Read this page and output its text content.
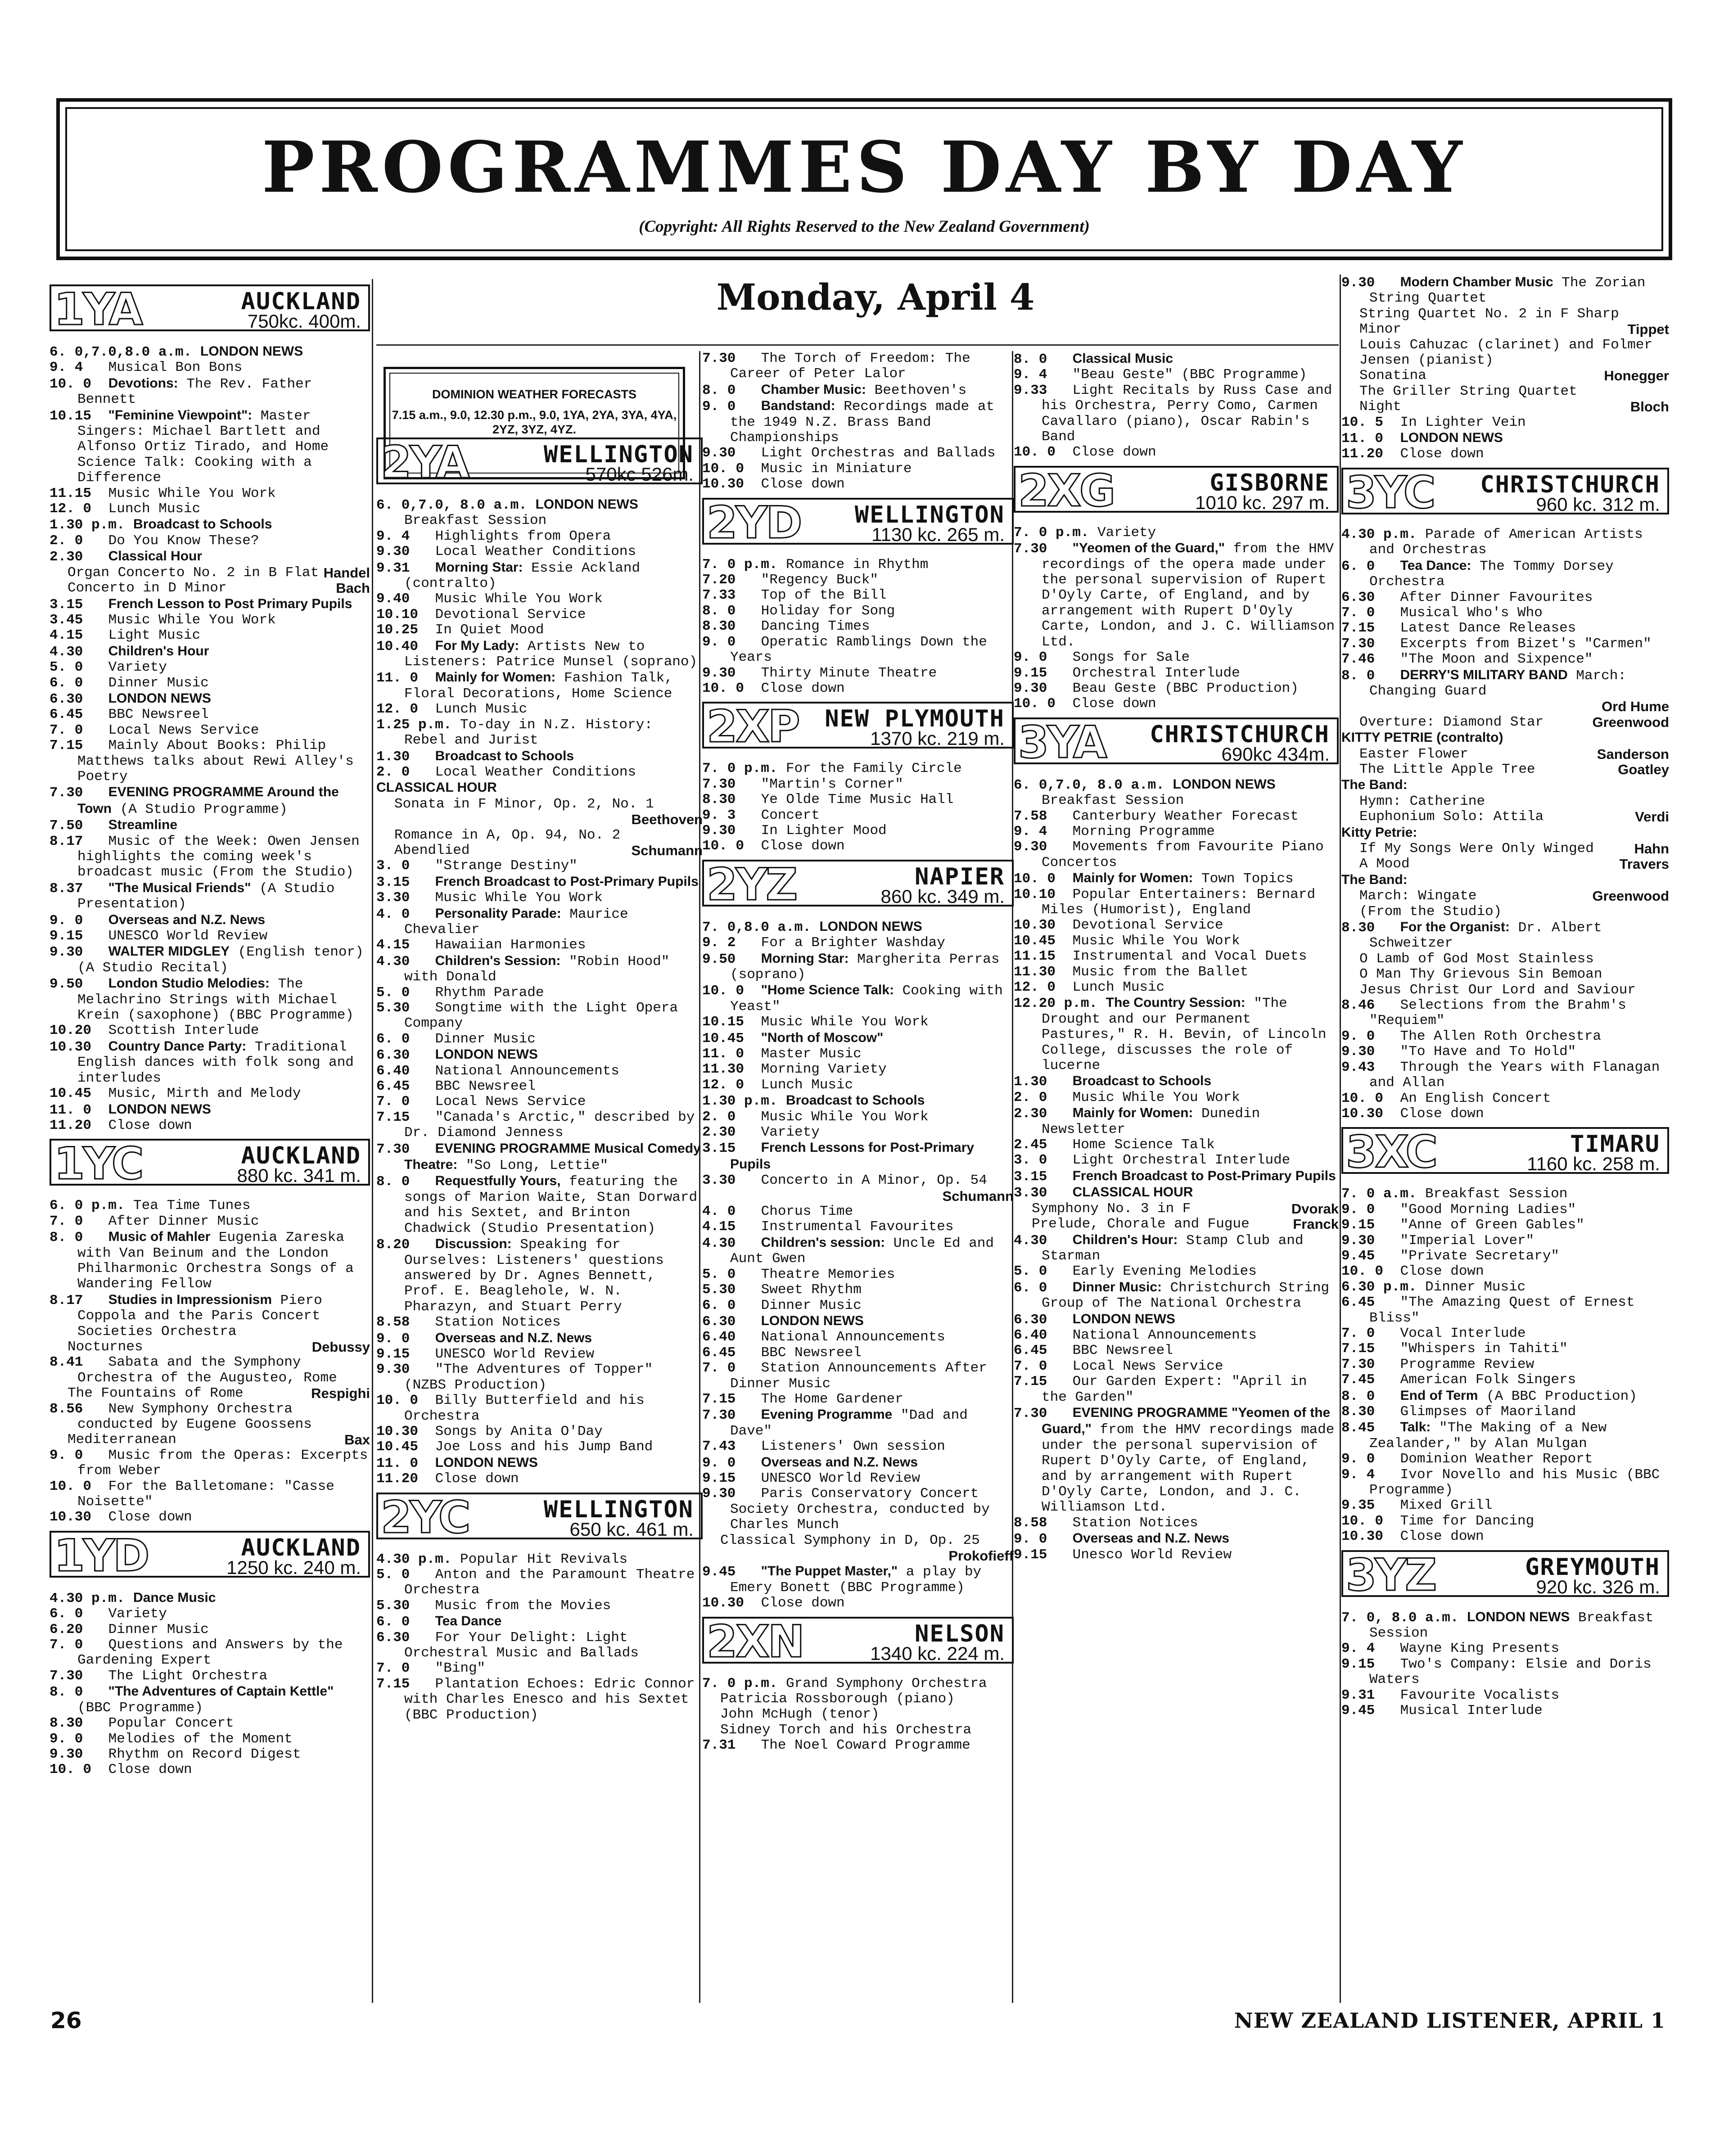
PROGRAMMES DAY BY DAY
(Copyright: All Rights Reserved to the New Zealand Government)
Monday, April 4
DOMINION WEATHER FORECASTS
7.15 a.m., 9.0, 12.30 p.m., 9.0, 1YA, 2YA, 3YA, 4YA, 2YZ, 3YZ, 4YZ.
1YA	AUCKLAND
750kc. 400m.
6. 0,7.0,8.0 a.m. LONDON NEWS
9. 4 Musical Bon Bons
10. 0 Devotions: The Rev. Father Bennett
10.15 "Feminine Viewpoint": Master Singers: Michael Bartlett and Alfonso Ortiz Tirado, and Home Science Talk: Cooking with a Difference
11.15 Music While You Work
12. 0 Lunch Music
1.30 p.m. Broadcast to Schools
2. 0 Do You Know These?
2.30 Classical Hour
Organ Concerto No. 2 in B Flat Handel
Concerto in D Minor	Bach
3.15 French Lesson to Post Primary Pupils
3.45 Music While You Work
4.15 Light Music
4.30 Children's Hour
5. 0 Variety
6. 0 Dinner Music
6.30 LONDON NEWS
6.45 BBC Newsreel
7. 0 Local News Service
7.15 Mainly About Books: Philip Matthews talks about Rewi Alley's Poetry
7.30 EVENING PROGRAMME Around the Town (A Studio Programme)
7.50 Streamline
8.17 Music of the Week: Owen Jensen highlights the coming week's broadcast music (From the Studio)
8.37 "The Musical Friends" (A Studio Presentation)
9. 0 Overseas and N.Z. News
9.15 UNESCO World Review
9.30 WALTER MIDGLEY (English tenor) (A Studio Recital)
9.50 London Studio Melodies: The Melachrino Strings with Michael Krein (saxophone) (BBC Programme)
10.20 Scottish Interlude
10.30 Country Dance Party: Traditional English dances with folk song and interludes
10.45 Music, Mirth and Melody
11. 0 LONDON NEWS
11.20 Close down
1YC	AUCKLAND
880 kc. 341 m.
6. 0 p.m. Tea Time Tunes
7. 0 After Dinner Music
8. 0 Music of Mahler Eugenia Zareska with Van Beinum and the London Philharmonic Orchestra Songs of a Wandering Fellow
8.17 Studies in Impressionism Piero Coppola and the Paris Concert Societies Orchestra
Nocturnes	Debussy
8.41 Sabata and the Symphony Orchestra of the Augusteo, Rome
The Fountains of Rome	Respighi
8.56 New Symphony Orchestra conducted by Eugene Goossens
Mediterranean	Bax
9. 0 Music from the Operas: Excerpts from Weber
10. 0 For the Balletomane: "Casse Noisette"
10.30 Close down
1YD	AUCKLAND
1250 kc. 240 m.
4.30 p.m. Dance Music
6. 0 Variety
6.20 Dinner Music
7. 0 Questions and Answers by the Gardening Expert
7.30 The Light Orchestra
8. 0 "The Adventures of Captain Kettle" (BBC Programme)
8.30 Popular Concert
9. 0 Melodies of the Moment
9.30 Rhythm on Record Digest
10. 0 Close down
2YA	WELLINGTON
570kc 526m.
6. 0,7.0, 8.0 a.m. LONDON NEWS Breakfast Session
9. 4 Highlights from Opera
9.30 Local Weather Conditions
9.31 Morning Star: Essie Ackland (contralto)
9.40 Music While You Work
10.10 Devotional Service
10.25 In Quiet Mood
10.40 For My Lady: Artists New to Listeners: Patrice Munsel (soprano)
11. 0 Mainly for Women: Fashion Talk, Floral Decorations, Home Science
12. 0 Lunch Music
1.25 p.m. To-day in N.Z. History: Rebel and Jurist
1.30 Broadcast to Schools
2. 0 Local Weather Conditions
CLASSICAL HOUR
Sonata in F Minor, Op. 2, No. 1
Beethoven
Romance in A, Op. 94, No. 2 Abendlied	Schumann
3. 0 "Strange Destiny"
3.15 French Broadcast to Post-Primary Pupils
3.30 Music While You Work
4. 0 Personality Parade: Maurice Chevalier
4.15 Hawaiian Harmonies
4.30 Children's Session: "Robin Hood" with Donald
5. 0 Rhythm Parade
5.30 Songtime with the Light Opera Company
6. 0 Dinner Music
6.30 LONDON NEWS
6.40 National Announcements
6.45 BBC Newsreel
7. 0 Local News Service
7.15 "Canada's Arctic," described by Dr. Diamond Jenness
7.30 EVENING PROGRAMME Musical Comedy Theatre: "So Long, Lettie"
8. 0 Requestfully Yours, featuring the songs of Marion Waite, Stan Dorward and his Sextet, and Brinton Chadwick (Studio Presentation)
8.20 Discussion: Speaking for Ourselves: Listeners' questions answered by Dr. Agnes Bennett, Prof. E. Beaglehole, W. N. Pharazyn, and Stuart Perry
8.58 Station Notices
9. 0 Overseas and N.Z. News
9.15 UNESCO World Review
9.30 "The Adventures of Topper" (NZBS Production)
10. 0 Billy Butterfield and his Orchestra
10.30 Songs by Anita O'Day
10.45 Joe Loss and his Jump Band
11. 0 LONDON NEWS
11.20 Close down
2YC	WELLINGTON
650 kc. 461 m.
4.30 p.m. Popular Hit Revivals
5. 0 Anton and the Paramount Theatre Orchestra
5.30 Music from the Movies
6. 0 Tea Dance
6.30 For Your Delight: Light Orchestral Music and Ballads
7. 0 "Bing"
7.15 Plantation Echoes: Edric Connor with Charles Enesco and his Sextet (BBC Production)
7.30 The Torch of Freedom: The Career of Peter Lalor
8. 0 Chamber Music: Beethoven's
9. 0 Bandstand: Recordings made at the 1949 N.Z. Brass Band Championships
9.30 Light Orchestras and Ballads
10. 0 Music in Miniature
10.30 Close down
2YD WELLINGTON
1130 kc. 265 m.
7. 0 p.m. Romance in Rhythm
7.20 "Regency Buck"
7.33 Top of the Bill
8. 0 Holiday for Song
8.30 Dancing Times
9. 0 Operatic Ramblings Down the Years
9.30 Thirty Minute Theatre
10. 0 Close down
2XP NEW PLYMOUTH
1370 kc. 219 m.
7. 0 p.m. For the Family Circle
7.30 "Martin's Corner"
8.30 Ye Olde Time Music Hall
9. 3 Concert
9.30 In Lighter Mood
10. 0 Close down
2YZ	NAPIER
860 kc. 349 m.
7. 0,8.0 a.m. LONDON NEWS
9. 2 For a Brighter Washday
9.50 Morning Star: Margherita Perras (soprano)
10. 0 "Home Science Talk: Cooking with Yeast"
10.15 Music While You Work
10.45 "North of Moscow"
11. 0 Master Music
11.30 Morning Variety
12. 0 Lunch Music
1.30 p.m. Broadcast to Schools
2. 0 Music While You Work
2.30 Variety
3.15 French Lessons for Post-Primary Pupils
3.30 Concerto in A Minor, Op. 54
Schumann
4. 0 Chorus Time
4.15 Instrumental Favourites
4.30 Children's session: Uncle Ed and Aunt Gwen
5. 0 Theatre Memories
5.30 Sweet Rhythm
6. 0 Dinner Music
6.30 LONDON NEWS
6.40 National Announcements
6.45 BBC Newsreel
7. 0 Station Announcements After Dinner Music
7.15 The Home Gardener
7.30 Evening Programme "Dad and Dave"
7.43 Listeners' Own session
9. 0 Overseas and N.Z. News
9.15 UNESCO World Review
9.30 Paris Conservatory Concert Society Orchestra, conducted by Charles Munch
Classical Symphony in D, Op. 25
Prokofieff
9.45 "The Puppet Master," a play by Emery Bonett (BBC Programme)
10.30 Close down
2XN	NELSON
1340 kc. 224 m.
7. 0 p.m. Grand Symphony Orchestra
Patricia Rossborough (piano)
John McHugh (tenor)
Sidney Torch and his Orchestra
7.31 The Noel Coward Programme
8. 0 Classical Music
9. 4 "Beau Geste" (BBC Programme)
9.33 Light Recitals by Russ Case and his Orchestra, Perry Como, Carmen Cavallaro (piano), Oscar Rabin's Band
10. 0 Close down
2XG	GISBORNE
1010 kc. 297 m.
7. 0 p.m. Variety
7.30 "Yeomen of the Guard," from the HMV recordings of the opera made under the personal supervision of Rupert D'Oyly Carte, of England, and by arrangement with Rupert D'Oyly Carte, London, and J. C. Williamson Ltd.
9. 0 Songs for Sale
9.15 Orchestral Interlude
9.30 Beau Geste (BBC Production)
10. 0 Close down
3YA CHRISTCHURCH
690kc 434m.
6. 0,7.0, 8.0 a.m. LONDON NEWS Breakfast Session
7.58 Canterbury Weather Forecast
9. 4 Morning Programme
9.30 Movements from Favourite Piano Concertos
10. 0 Mainly for Women: Town Topics
10.10 Popular Entertainers: Bernard Miles (Humorist), England
10.30 Devotional Service
10.45 Music While You Work
11.15 Instrumental and Vocal Duets
11.30 Music from the Ballet
12. 0 Lunch Music
12.20 p.m. The Country Session: "The Drought and our Permanent Pastures," R. H. Bevin, of Lincoln College, discusses the role of lucerne
1.30 Broadcast to Schools
2. 0 Music While You Work
2.30 Mainly for Women: Dunedin Newsletter
2.45 Home Science Talk
3. 0 Light Orchestral Interlude
3.15 French Broadcast to Post-Primary Pupils
3.30 CLASSICAL HOUR
Symphony No. 3 in F	Dvorak
Prelude, Chorale and Fugue	Franck
4.30 Children's Hour: Stamp Club and Starman
5. 0 Early Evening Melodies
6. 0 Dinner Music: Christchurch String Group of The National Orchestra
6.30 LONDON NEWS
6.40 National Announcements
6.45 BBC Newsreel
7. 0 Local News Service
7.15 Our Garden Expert: "April in the Garden"
7.30 EVENING PROGRAMME "Yeomen of the Guard," from the HMV recordings made under the personal supervision of Rupert D'Oyly Carte, of England, and by arrangement with Rupert D'Oyly Carte, London, and J. C. Williamson Ltd.
8.58 Station Notices
9. 0 Overseas and N.Z. News
9.15 Unesco World Review
9.30 Modern Chamber Music The Zorian String Quartet
String Quartet No. 2 in F Sharp Minor	Tippet
Louis Cahuzac (clarinet) and Folmer Jensen (pianist)
Sonatina	Honegger
The Griller String Quartet
Night	Bloch
10. 5 In Lighter Vein
11. 0 LONDON NEWS
11.20 Close down
3YC CHRISTCHURCH
960 kc. 312 m.
4.30 p.m. Parade of American Artists and Orchestras
6. 0 Tea Dance: The Tommy Dorsey Orchestra
6.30 After Dinner Favourites
7. 0 Musical Who's Who
7.15 Latest Dance Releases
7.30 Excerpts from Bizet's "Carmen"
7.46 "The Moon and Sixpence"
8. 0 DERRY'S MILITARY BAND March: Changing Guard
Ord Hume
Overture: Diamond Star	Greenwood
KITTY PETRIE (contralto)
Easter Flower	Sanderson
The Little Apple Tree	Goatley
The Band:
Hymn: Catherine
Euphonium Solo: Attila	Verdi
Kitty Petrie:
If My Songs Were Only Winged	Hahn
A Mood	Travers
The Band:
March: Wingate	Greenwood
(From the Studio)
8.30 For the Organist: Dr. Albert Schweitzer
O Lamb of God Most Stainless
O Man Thy Grievous Sin Bemoan
Jesus Christ Our Lord and Saviour
8.46 Selections from the Brahm's "Requiem"
9. 0 The Allen Roth Orchestra
9.30 "To Have and To Hold"
9.43 Through the Years with Flanagan and Allan
10. 0 An English Concert
10.30 Close down
3XC	TIMARU
1160 kc. 258 m.
7. 0 a.m. Breakfast Session
9. 0 "Good Morning Ladies"
9.15 "Anne of Green Gables"
9.30 "Imperial Lover"
9.45 "Private Secretary"
10. 0 Close down
6.30 p.m. Dinner Music
6.45 "The Amazing Quest of Ernest Bliss"
7. 0 Vocal Interlude
7.15 "Whispers in Tahiti"
7.30 Programme Review
7.45 American Folk Singers
8. 0 End of Term (A BBC Production)
8.30 Glimpses of Maoriland
8.45 Talk: "The Making of a New Zealander," by Alan Mulgan
9. 0 Dominion Weather Report
9. 4 Ivor Novello and his Music (BBC Programme)
9.35 Mixed Grill
10. 0 Time for Dancing
10.30 Close down
3YZ	GREYMOUTH
920 kc. 326 m.
7. 0, 8.0 a.m. LONDON NEWS Breakfast Session
9. 4 Wayne King Presents
9.15 Two's Company: Elsie and Doris Waters
9.31 Favourite Vocalists
9.45 Musical Interlude
26	NEW ZEALAND LISTENER, APRIL 1
